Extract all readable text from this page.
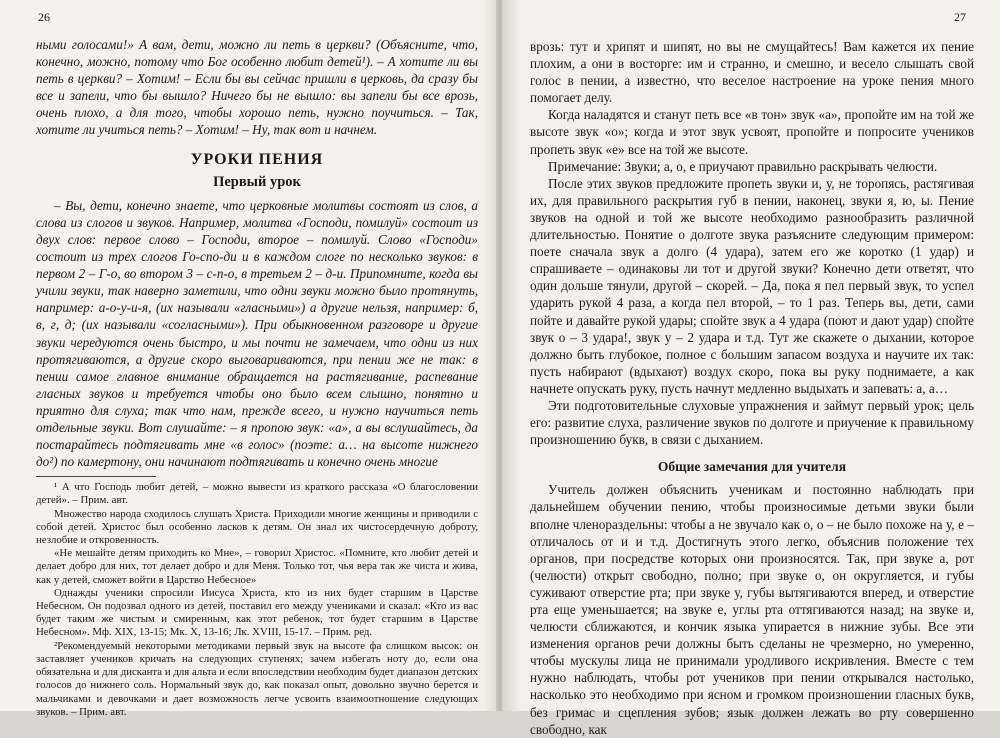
26

ными голосами!» А вам, дети, можно ли петь в церкви? (Объясните, что, конечно, можно, потому что Бог особенно любит детей¹). – А хотите ли вы петь в церкви? – Хотим! – Если бы вы сейчас пришли в церковь, да сразу бы все и запели, что бы вышло? Ничего бы не вышло: вы запели бы все врозь, очень плохо, а для того, чтобы хорошо петь, нужно поучиться. – Так, хотите ли учиться петь? – Хотим! – Ну, так вот и начнем.

УРОКИ ПЕНИЯ
Первый урок

– Вы, дети, конечно знаете, что церковные молитвы состоят из слов, а слова из слогов и звуков. Например, молитва «Господи, помилуй» состоит из двух слов: первое слово – Господи, второе – помилуй. Слово «Господи» состоит из трех слогов Го-спо-ди и в каждом слоге по несколько звуков: в первом 2 – Г-о, во втором 3 – с-п-о, в третьем 2 – д-и. Припомните, когда вы учили звуки, так наверно заметили, что одни звуки можно было протянуть, например: а-о-у-и-я, (их называли «гласными») а другие нельзя, например: б, в, г, д; (их называли «согласными»). При обыкновенном разговоре и другие звуки чередуются очень быстро, и мы почти не замечаем, что одни из них протягиваются, а другие скоро выговариваются, при пении же не так: в пении самое главное внимание обращается на растягивание, распевание гласных звуков и требуется чтобы оно было всем слышно, понятно и приятно для слуха; так что нам, прежде всего, и нужно научиться петь отдельные звуки. Вот слушайте: – я пропою звук: «а», а вы вслушайтесь, да постарайтесь подтягивать мне «в голос» (поэте: а… на высоте нижнего до²) по камертону, они начинают подтягивать и конечно очень многие

¹ А что Господь любит детей, – можно вывести из краткого рассказа «О благословении детей». – Прим. авт.

Множество народа сходилось слушать Христа. Приходили многие женщины и приводили с собой детей. Христос был особенно ласков к детям. Он знал их чистосердечную доброту, незлобие и откровенность.

«Не мешайте детям приходить ко Мне», – говорил Христос. «Помните, кто любит детей и делает добро для них, тот делает добро и для Меня. Только тот, чья вера так же чиста и жива, как у детей, сможет войти в Царство Небесное»

Однажды ученики спросили Иисуса Христа, кто из них будет старшим в Царстве Небесном. Он подозвал одного из детей, поставил его между учениками и сказал: «Кто из вас будет таким же чистым и смиренным, как этот ребенок, тот будет старшим в Царстве Небесном». Мф. XIX, 13-15; Мк. X, 13-16; Лк. XVIII, 15-17. – Прим. ред.

²Рекомендуемый некоторыми методиками первый звук на высоте фа слишком высок: он заставляет учеников кричать на следующих ступенях; зачем избегать ноту до, если она обязательна и для дисканта и для альта и если впоследствии необходим будет диапазон детских голосов до нижнего соль. Нормальный звук до, как показал опыт, довольно звучно берется и мальчиками и девочками и дает возможность легче усвоить взаимоотношение следующих звуков. – Прим. авт.

27

врозь: тут и хрипят и шипят, но вы не смущайтесь! Вам кажется их пение плохим, а они в восторге: им и странно, и смешно, и весело слышать свой голос в пении, а известно, что веселое настроение на уроке пения много помогает делу.

Когда наладятся и станут петь все «в тон» звук «а», пропойте им на той же высоте звук «о»; когда и этот звук усвоят, пропойте и попросите учеников пропеть звук «е» все на той же высоте.

Примечание: Звуки; а, о, е приучают правильно раскрывать челюсти.

После этих звуков предложите пропеть звуки и, у, не торопясь, растягивая их, для правильного раскрытия губ в пении, наконец, звуки я, ю, ы. Пение звуков на одной и той же высоте необходимо разнообразить различной длительностью. Понятие о долготе звука разъясните следующим примером: поете сначала звук а долго (4 удара), затем его же коротко (1 удар) и спрашиваете – одинаковы ли тот и другой звуки? Конечно дети ответят, что один дольше тянули, другой – скорей. – Да, пока я пел первый звук, то успел ударить рукой 4 раза, а когда пел второй, – то 1 раз. Теперь вы, дети, сами пойте и давайте рукой удары; спойте звук а 4 удара (поют и дают удар) спойте звук о – 3 удара!, звук у – 2 удара и т.д. Тут же скажете о дыхании, которое должно быть глубокое, полное с большим запасом воздуха и научите их так: пусть набирают (вдыхают) воздух скоро, пока вы руку поднимаете, а как начнете опускать руку, пусть начнут медленно выдыхать и запевать: а, а…

Эти подготовительные слуховые упражнения и займут первый урок; цель его: развитие слуха, различение звуков по долготе и приучение к правильному произношению букв, в связи с дыханием.

Общие замечания для учителя

Учитель должен объяснить ученикам и постоянно наблюдать при дальнейшем обучении пению, чтобы произносимые детьми звуки были вполне членораздельны: чтобы а не звучало как о, о – не было похоже на у, е – отличалось от и и т.д. Достигнуть этого легко, объяснив положение тех органов, при посредстве которых они произносятся. Так, при звуке а, рот (челюсти) открыт свободно, полно; при звуке о, он округляется, и губы суживают отверстие рта; при звуке у, губы вытягиваются вперед, и отверстие рта еще уменьшается; на звуке е, углы рта оттягиваются назад; на звуке и, челюсти сближаются, и кончик языка упирается в нижние зубы. Все эти изменения органов речи должны быть сделаны не чрезмерно, но умеренно, чтобы мускулы лица не принимали уродливого искривления. Вместе с тем нужно наблюдать, чтобы рот учеников при пении открывался настолько, насколько это необходимо при ясном и громком произношении гласных букв, без гримас и сцепления зубов; язык должен лежать во рту совершенно свободно, как
